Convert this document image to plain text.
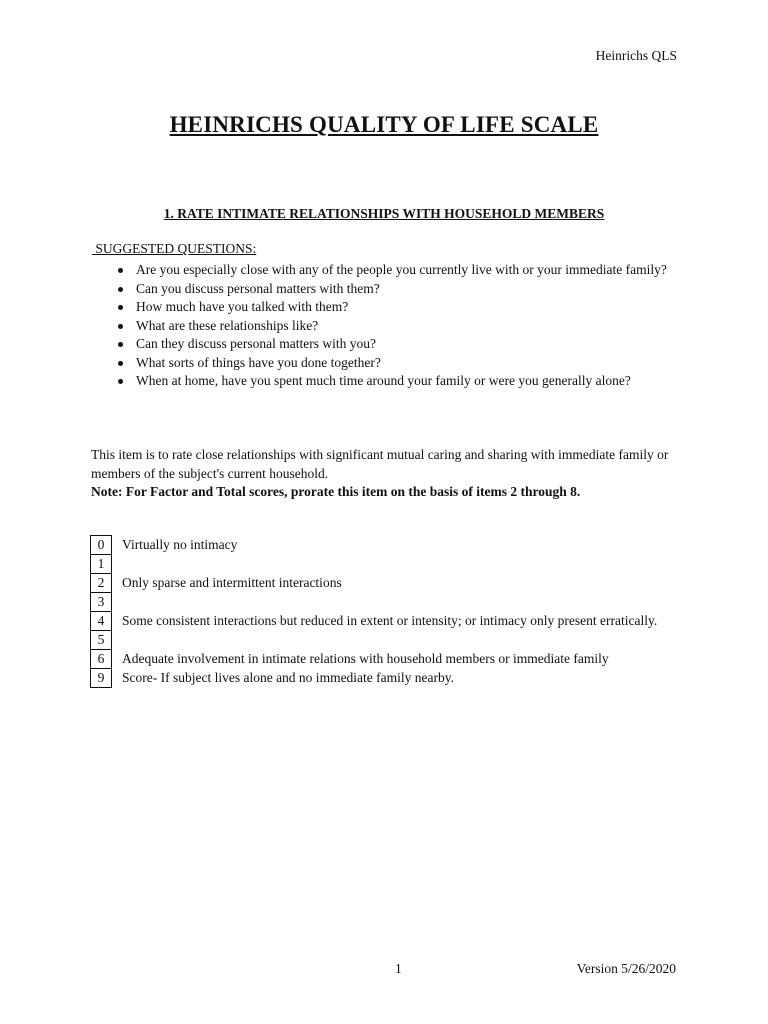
Heinrichs QLS
HEINRICHS QUALITY OF LIFE SCALE
1. RATE INTIMATE RELATIONSHIPS WITH HOUSEHOLD MEMBERS
SUGGESTED QUESTIONS:
Are you especially close with any of the people you currently live with or your immediate family?
Can you discuss personal matters with them?
How much have you talked with them?
What are these relationships like?
Can they discuss personal matters with you?
What sorts of things have you done together?
When at home, have you spent much time around your family or were you generally alone?
This item is to rate close relationships with significant mutual caring and sharing with immediate family or members of the subject's current household.
Note: For Factor and Total scores, prorate this item on the basis of items 2 through 8.
0	Virtually no intimacy
1	
2	Only sparse and intermittent interactions
3	
4	Some consistent interactions but reduced in extent or intensity; or intimacy only present erratically.
5	
6	Adequate involvement in intimate relations with household members or immediate family
9	Score- If subject lives alone and no immediate family nearby.
1	Version 5/26/2020
